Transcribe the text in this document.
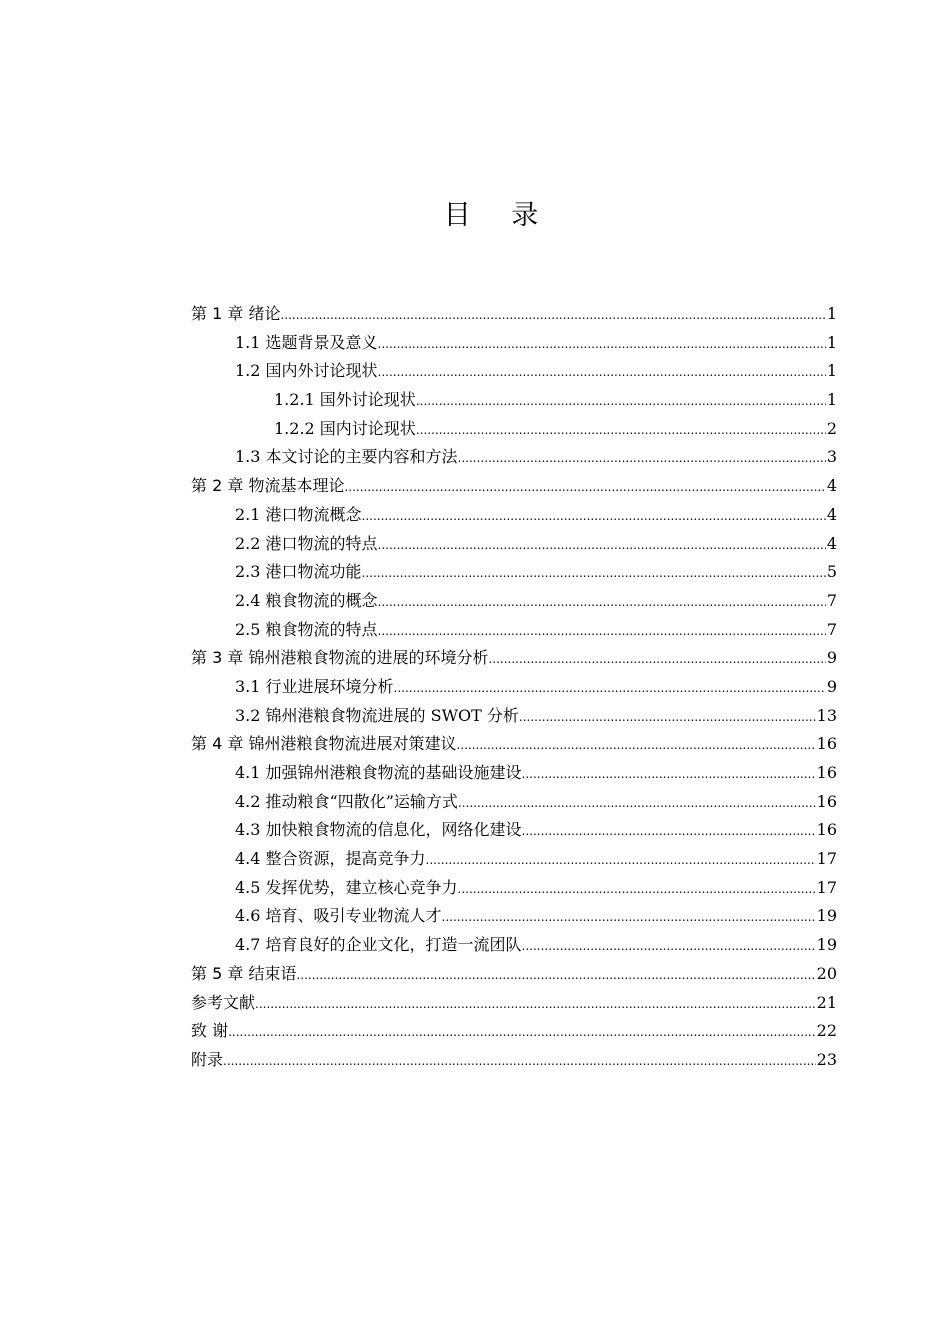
目 录
第 1 章 绪论 .....	1
1.1 选题背景及意义 .....	1
1.2 国内外讨论现状 .....	1
1.2.1 国外讨论现状 .....	1
1.2.2 国内讨论现状 .....	2
1.3 本文讨论的主要内容和方法 .....	3
第 2 章 物流基本理论 .....	4
2.1 港口物流概念 .....	4
2.2 港口物流的特点 .....	4
2.3 港口物流功能 .....	5
2.4 粮食物流的概念 .....	7
2.5 粮食物流的特点 .....	7
第 3 章 锦州港粮食物流的进展的环境分析 .....	9
3.1 行业进展环境分析 .....	9
3.2 锦州港粮食物流进展的 SWOT 分析 .....	13
第 4 章 锦州港粮食物流进展对策建议 .....	16
4.1 加强锦州港粮食物流的基础设施建设 .....	16
4.2 推动粮食“四散化”运输方式 .....	16
4.3 加快粮食物流的信息化，网络化建设 .....	16
4.4 整合资源，提高竞争力 .....	17
4.5 发挥优势，建立核心竞争力 .....	17
4.6 培育、吸引专业物流人才 .....	19
4.7 培育良好的企业文化，打造一流团队 .....	19
第 5 章 结束语 .....	20
参考文献 .....	21
致 谢 .....	22
附录 .....	23
